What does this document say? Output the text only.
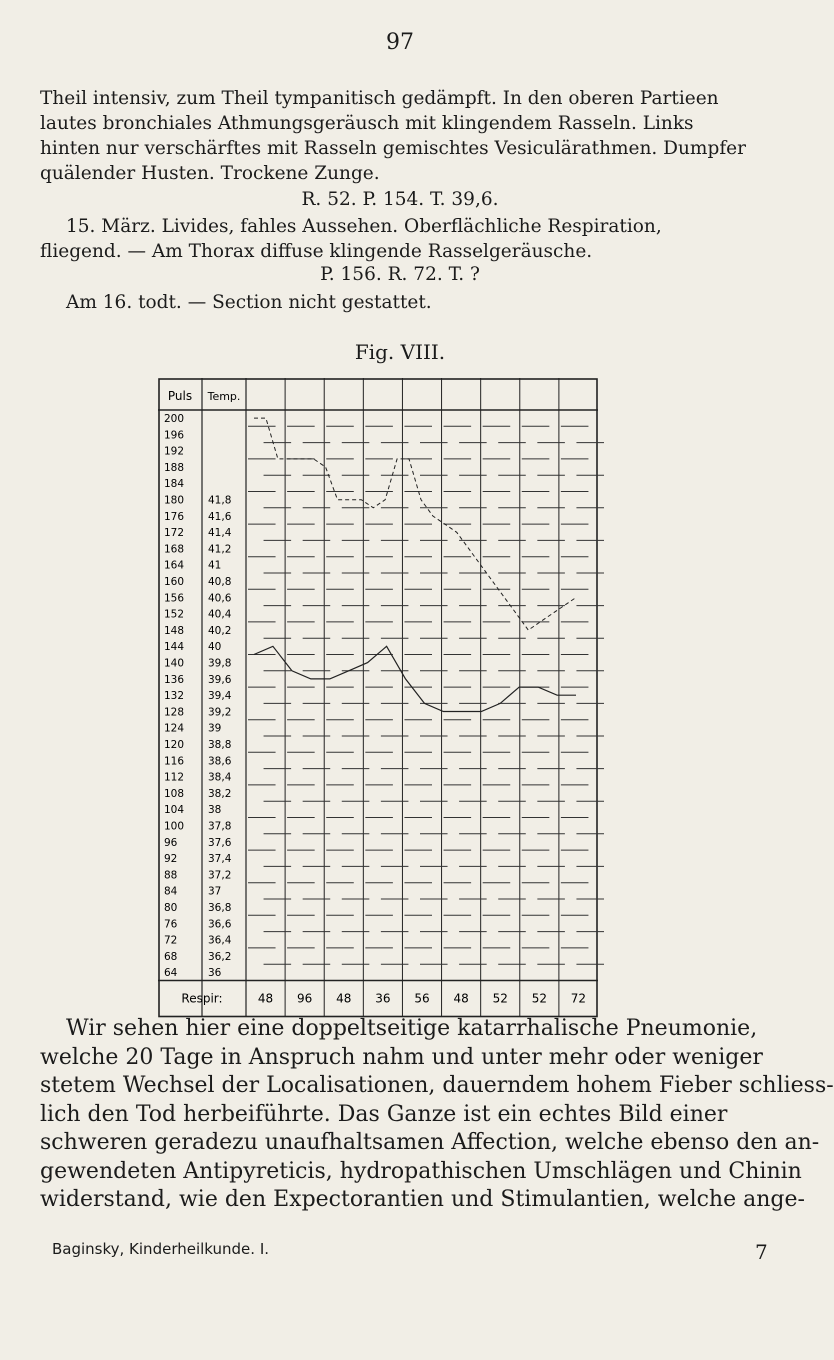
97
Theil intensiv, zum Theil tympanitisch gedämpft. In den oberen Partieen
lautes bronchiales Athmungsgeräusch mit klingendem Rasseln. Links
hinten nur verschärftes mit Rasseln gemischtes Vesiculärathmen. Dumpfer
quälender Husten. Trockene Zunge.
R. 52. P. 154. T. 39,6.
15. März. Livides, fahles Aussehen. Oberflächliche Respiration,
fliegend. — Am Thorax diffuse klingende Rasselgeräusche.
P. 156. R. 72. T. ?
Am 16. todt. — Section nicht gestattet.
Fig. VIII.
Puls Temp.
200
196
192
188
184
180
176
172
168
164
160
156
152
148
144
140
136
132
128
124
120
116
112
108
104
100
96
92
88
84
80
76
72
68
64
41,8
41,6
41,4
41,2
41
40,8
40,6
40,4
40,2
40
39,8
39,6
39,4
39,2
39
38,8
38,6
38,4
38,2
38
37,8
37,6
37,4
37,2
37
36,8
36,6
36,4
36,2
36
Respir:	48 96 48 36 56 48 52 52 72
Wir sehen hier eine doppeltseitige katarrhalische Pneumonie,
welche 20 Tage in Anspruch nahm und unter mehr oder weniger
stetem Wechsel der Localisationen, dauerndem hohem Fieber schliess-
lich den Tod herbeiführte. Das Ganze ist ein echtes Bild einer
schweren geradezu unaufhaltsamen Affection, welche ebenso den an-
gewendeten Antipyreticis, hydropathischen Umschlägen und Chinin
widerstand, wie den Expectorantien und Stimulantien, welche ange-
Baginsky, Kinderheilkunde. I.	7
